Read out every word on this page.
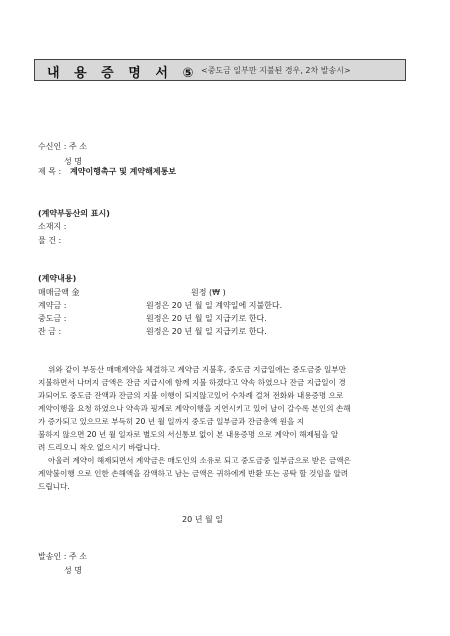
내 용 증 명 서 ⑤ <중도금 일부만 지불된 경우, 2차 발송시>
수신인 : 주 소
성 명
제 목 : 계약이행촉구 및 계약해제통보
(계약부동산의 표시)
소재지 :
물 건 :
(계약내용)
매매금액 金	원정 (₩ )
계약금 :	원정은 20 년 월 일 계약일에 지불한다.
중도금 :	원정은 20 년 월 일 지급키로 한다.
잔 금 :	원정은 20 년 월 일 지급키로 한다.
위와 같이 부동산 매매계약을 체결하고 계약금 지불후, 중도금 지급일에는 중도금중 일부만
지불하면서 나머지 금액은 잔금 지급시에 함께 지불 하겠다고 약속 하였으나 잔금 지급일이 경
과되어도 중도금 잔액과 잔금의 지불 이행이 되지않고있어 수차례 걸쳐 전화와 내용증명 으로
계약이행을 요청 하였으나 약속과 핑계로 계약이행을 지연시키고 있어 날이 갈수록 본인의 손해
가 증가되고 있으므로 부득히 20 년 월 일까지 중도금 일부금과 잔금총액 원을 지
불하지 않으면 20 년 월 일자로 별도의 서신통보 없이 본 내용증명 으로 계약이 해제됨을 알
려 드리오니 착오 없으시기 바랍니다.
아울러 계약이 해제되면서 계약금은 매도인의 소유로 되고 중도금중 일부금으로 받은 금액은
계약불이행 으로 인한 손해액을 감액하고 남는 금액은 귀하에게 반환 또는 공탁 할 것임을 알려
드립니다.
20 년 월 일
발송인 : 주 소
성 명
